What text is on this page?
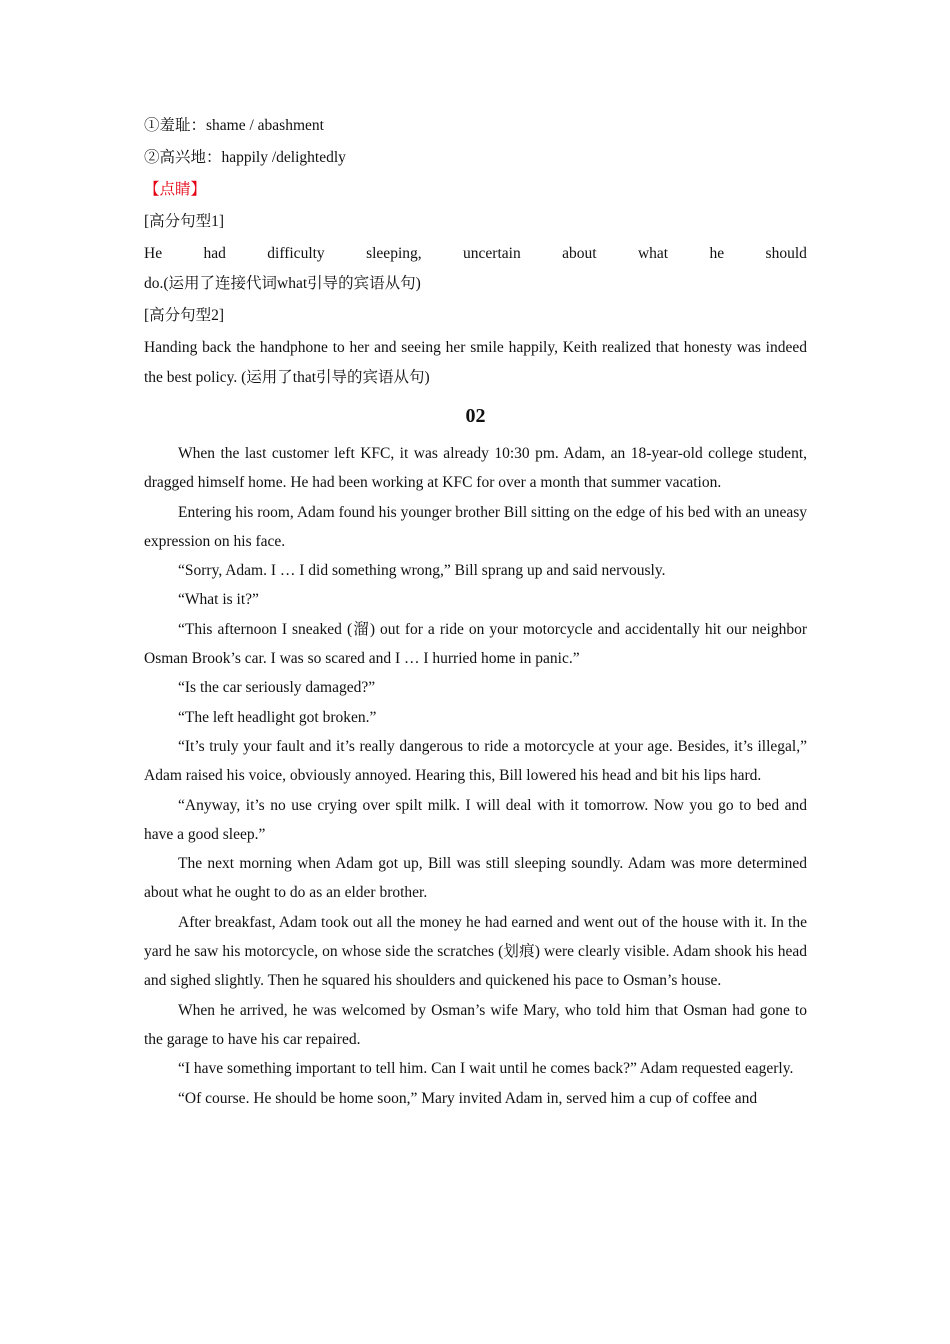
①羞耻：shame / abashment

②高兴地：happily /delightedly

【点睛】

[高分句型1]

He	had	difficulty	sleeping,	uncertain	about	what	he	should

do.(运用了连接代词what引导的宾语从句)

[高分句型2]

Handing back the handphone to her and seeing her smile happily, Keith realized that honesty was indeed the best policy. (运用了that引导的宾语从句)

02

When the last customer left KFC, it was already 10:30 pm. Adam, an 18-year-old college student, dragged himself home. He had been working at KFC for over a month that summer vacation.

Entering his room, Adam found his younger brother Bill sitting on the edge of his bed with an uneasy expression on his face.

“Sorry, Adam. I … I did something wrong,” Bill sprang up and said nervously.

“What is it?”

“This afternoon I sneaked (溜) out for a ride on your motorcycle and accidentally hit our neighbor Osman Brook’s car. I was so scared and I … I hurried home in panic.”

“Is the car seriously damaged?”

“The left headlight got broken.”

“It’s truly your fault and it’s really dangerous to ride a motorcycle at your age. Besides, it’s illegal,” Adam raised his voice, obviously annoyed. Hearing this, Bill lowered his head and bit his lips hard.

“Anyway, it’s no use crying over spilt milk. I will deal with it tomorrow. Now you go to bed and have a good sleep.”

The next morning when Adam got up, Bill was still sleeping soundly. Adam was more determined about what he ought to do as an elder brother.

After breakfast, Adam took out all the money he had earned and went out of the house with it. In the yard he saw his motorcycle, on whose side the scratches (划痕) were clearly visible. Adam shook his head and sighed slightly. Then he squared his shoulders and quickened his pace to Osman’s house.

When he arrived, he was welcomed by Osman’s wife Mary, who told him that Osman had gone to the garage to have his car repaired.

“I have something important to tell him. Can I wait until he comes back?” Adam requested eagerly.

“Of course. He should be home soon,” Mary invited Adam in, served him a cup of coffee and
